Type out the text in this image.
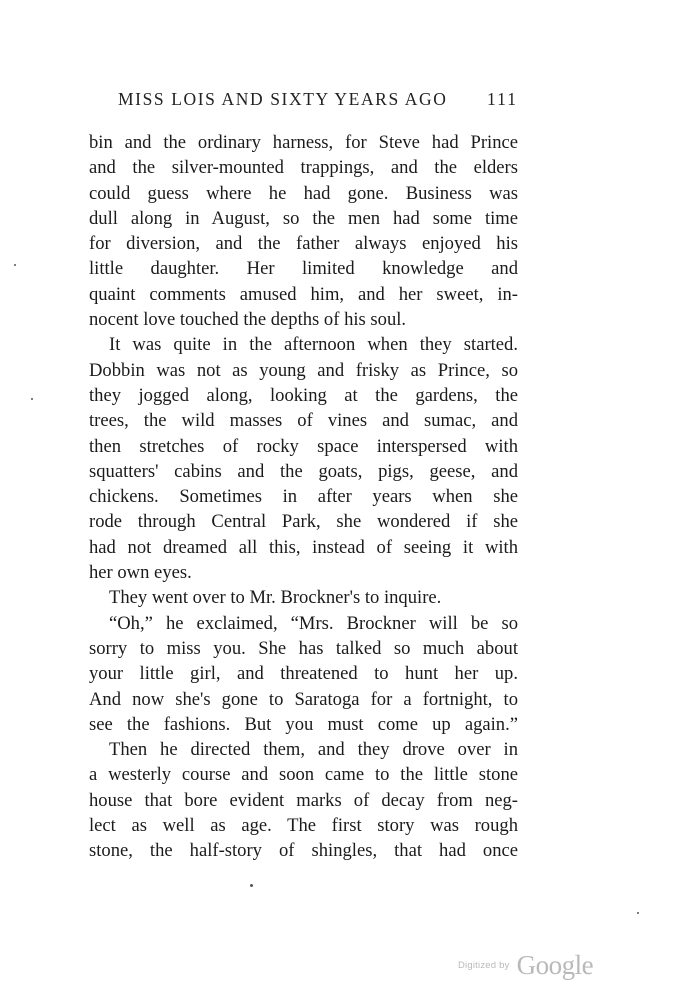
MISS LOIS AND SIXTY YEARS AGO 111
bin and the ordinary harness, for Steve had Prince
and the silver-mounted trappings, and the elders
could guess where he had gone. Business was
dull along in August, so the men had some time
for diversion, and the father always enjoyed his
little daughter. Her limited knowledge and
quaint comments amused him, and her sweet, in-
nocent love touched the depths of his soul.
It was quite in the afternoon when they started.
Dobbin was not as young and frisky as Prince, so
they jogged along, looking at the gardens, the
trees, the wild masses of vines and sumac, and
then stretches of rocky space interspersed with
squatters' cabins and the goats, pigs, geese, and
chickens. Sometimes in after years when she
rode through Central Park, she wondered if she
had not dreamed all this, instead of seeing it with
her own eyes.
They went over to Mr. Brockner's to inquire.
“Oh,” he exclaimed, “Mrs. Brockner will be so
sorry to miss you. She has talked so much about
your little girl, and threatened to hunt her up.
And now she's gone to Saratoga for a fortnight, to
see the fashions. But you must come up again.”
Then he directed them, and they drove over in
a westerly course and soon came to the little stone
house that bore evident marks of decay from neg-
lect as well as age. The first story was rough
stone, the half-story of shingles, that had once
Digitized by Google
